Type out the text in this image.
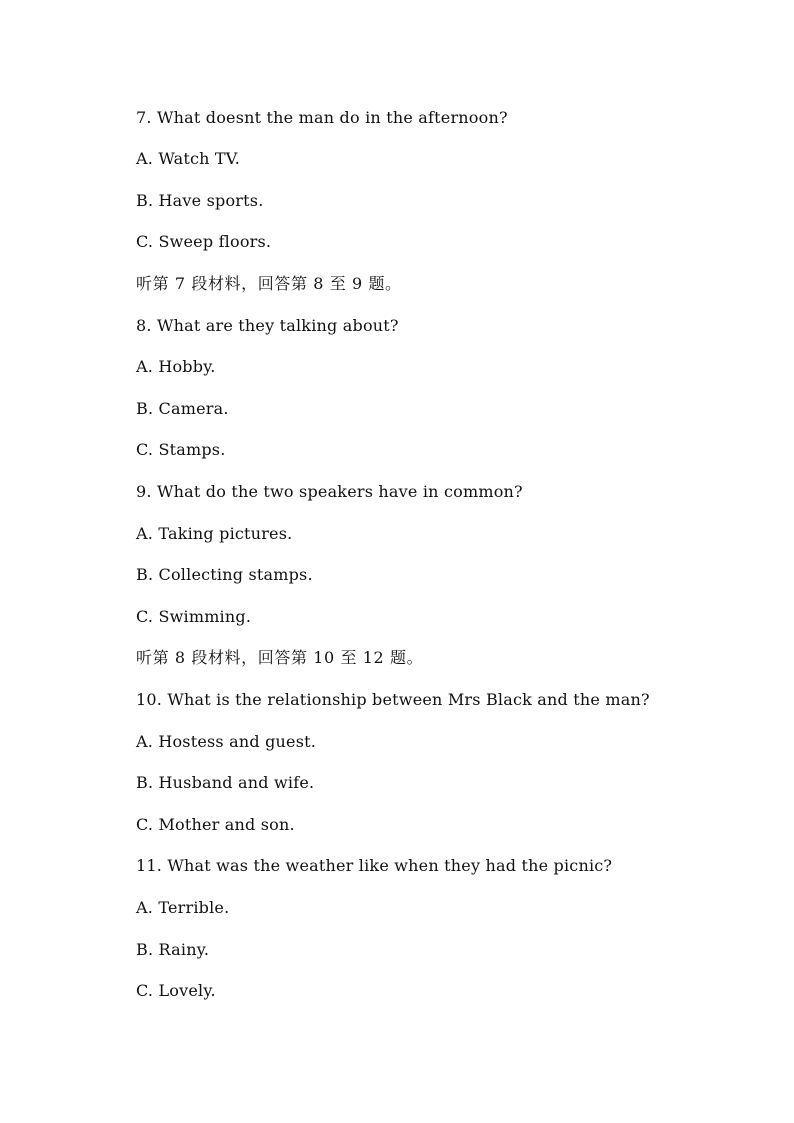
7. What doesnt the man do in the afternoon?
A. Watch TV.
B. Have sports.
C. Sweep floors.
听第 7 段材料，回答第 8 至 9 题。
8. What are they talking about?
A. Hobby.
B. Camera.
C. Stamps.
9. What do the two speakers have in common?
A. Taking pictures.
B. Collecting stamps.
C. Swimming.
听第 8 段材料，回答第 10 至 12 题。
10. What is the relationship between Mrs Black and the man?
A. Hostess and guest.
B. Husband and wife.
C. Mother and son.
11. What was the weather like when they had the picnic?
A. Terrible.
B. Rainy.
C. Lovely.
